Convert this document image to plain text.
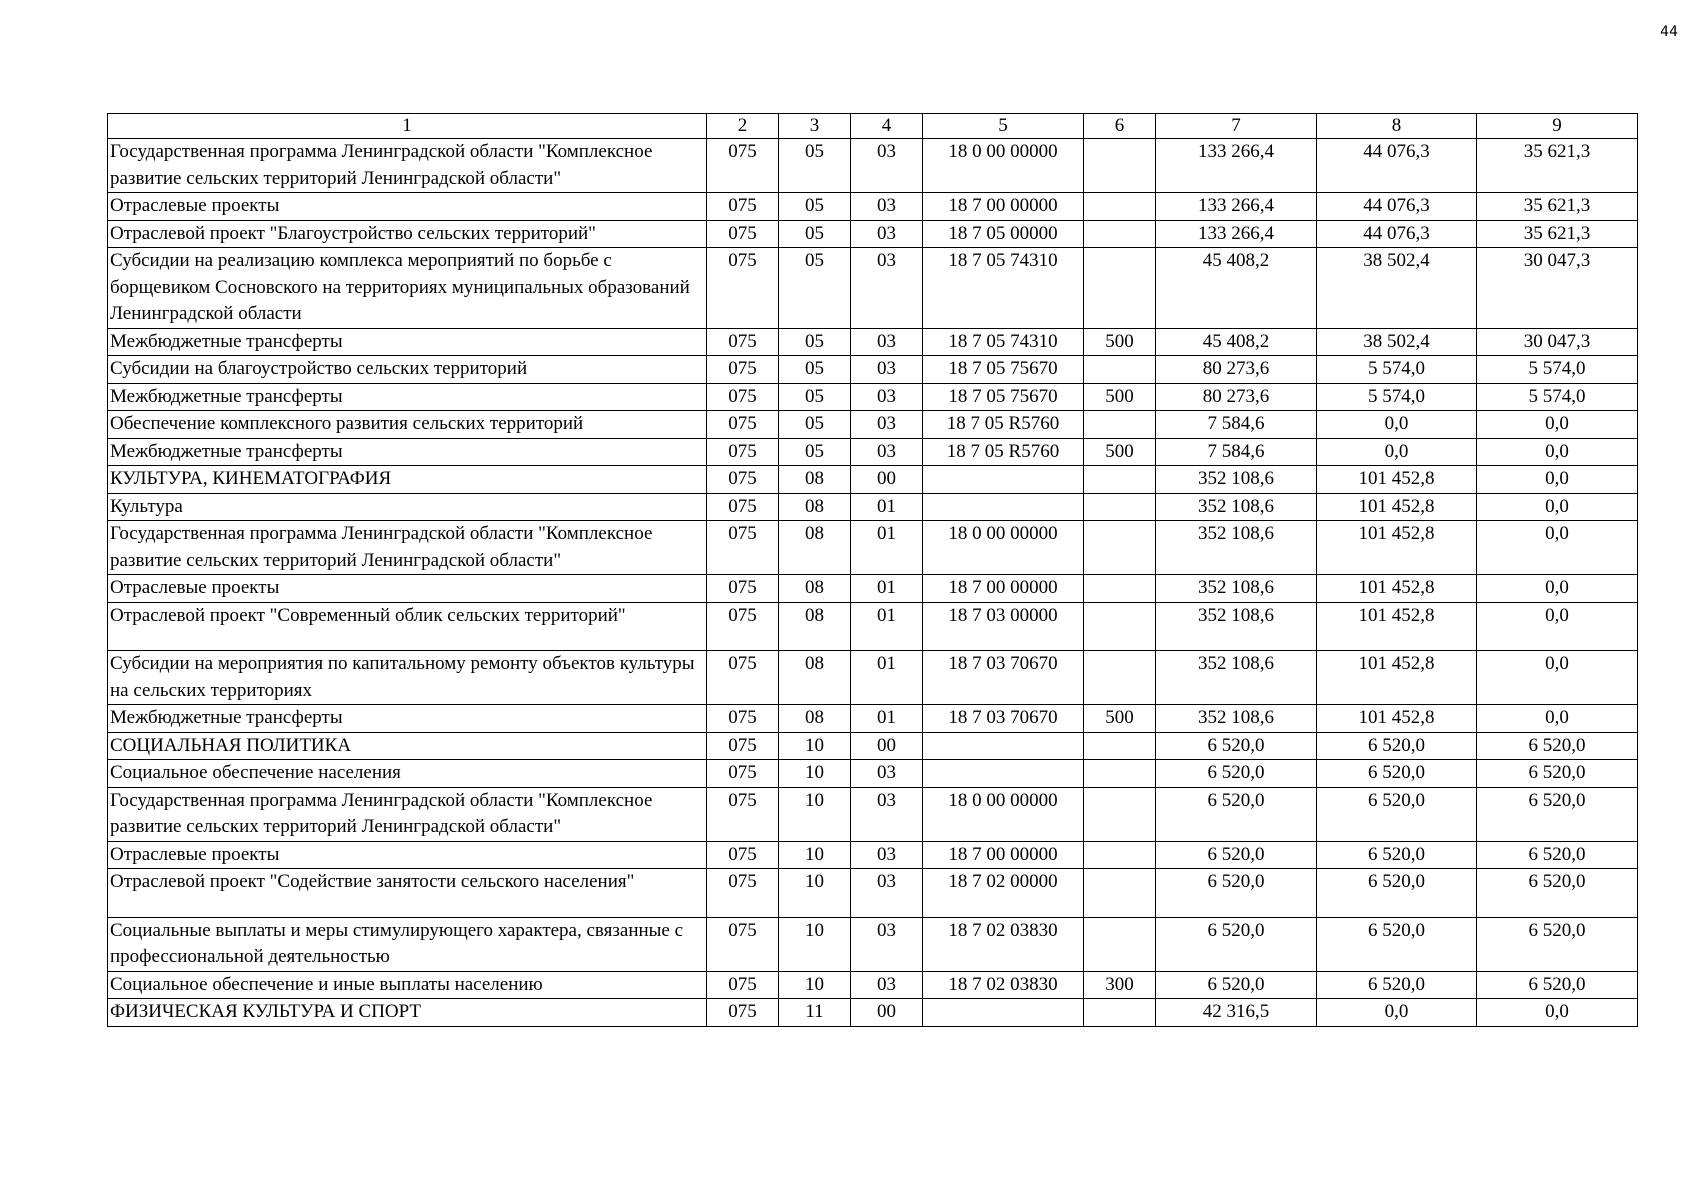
44
1	2	3	4	5	6	7	8	9
Государственная программа Ленинградской области "Комплексное развитие сельских территорий Ленинградской области"	075	05	03	18 0 00 00000		133 266,4	44 076,3	35 621,3
Отраслевые проекты	075	05	03	18 7 00 00000		133 266,4	44 076,3	35 621,3
Отраслевой проект "Благоустройство сельских территорий"	075	05	03	18 7 05 00000		133 266,4	44 076,3	35 621,3
Субсидии на реализацию комплекса мероприятий по борьбе с борщевиком Сосновского на территориях муниципальных образований Ленинградской области	075	05	03	18 7 05 74310		45 408,2	38 502,4	30 047,3
Межбюджетные трансферты	075	05	03	18 7 05 74310	500	45 408,2	38 502,4	30 047,3
Субсидии на благоустройство сельских территорий	075	05	03	18 7 05 75670		80 273,6	5 574,0	5 574,0
Межбюджетные трансферты	075	05	03	18 7 05 75670	500	80 273,6	5 574,0	5 574,0
Обеспечение комплексного развития сельских территорий	075	05	03	18 7 05 R5760		7 584,6	0,0	0,0
Межбюджетные трансферты	075	05	03	18 7 05 R5760	500	7 584,6	0,0	0,0
КУЛЬТУРА, КИНЕМАТОГРАФИЯ	075	08	00			352 108,6	101 452,8	0,0
Культура	075	08	01			352 108,6	101 452,8	0,0
Государственная программа Ленинградской области "Комплексное развитие сельских территорий Ленинградской области"	075	08	01	18 0 00 00000		352 108,6	101 452,8	0,0
Отраслевые проекты	075	08	01	18 7 00 00000		352 108,6	101 452,8	0,0
Отраслевой проект "Современный облик сельских территорий"	075	08	01	18 7 03 00000		352 108,6	101 452,8	0,0
Субсидии на мероприятия по капитальному ремонту объектов культуры на сельских территориях	075	08	01	18 7 03 70670		352 108,6	101 452,8	0,0
Межбюджетные трансферты	075	08	01	18 7 03 70670	500	352 108,6	101 452,8	0,0
СОЦИАЛЬНАЯ ПОЛИТИКА	075	10	00			6 520,0	6 520,0	6 520,0
Социальное обеспечение населения	075	10	03			6 520,0	6 520,0	6 520,0
Государственная программа Ленинградской области "Комплексное развитие сельских территорий Ленинградской области"	075	10	03	18 0 00 00000		6 520,0	6 520,0	6 520,0
Отраслевые проекты	075	10	03	18 7 00 00000		6 520,0	6 520,0	6 520,0
Отраслевой проект "Содействие занятости сельского населения"	075	10	03	18 7 02 00000		6 520,0	6 520,0	6 520,0
Социальные выплаты и меры стимулирующего характера, связанные с профессиональной деятельностью	075	10	03	18 7 02 03830		6 520,0	6 520,0	6 520,0
Социальное обеспечение и иные выплаты населению	075	10	03	18 7 02 03830	300	6 520,0	6 520,0	6 520,0
ФИЗИЧЕСКАЯ КУЛЬТУРА И СПОРТ	075	11	00			42 316,5	0,0	0,0
